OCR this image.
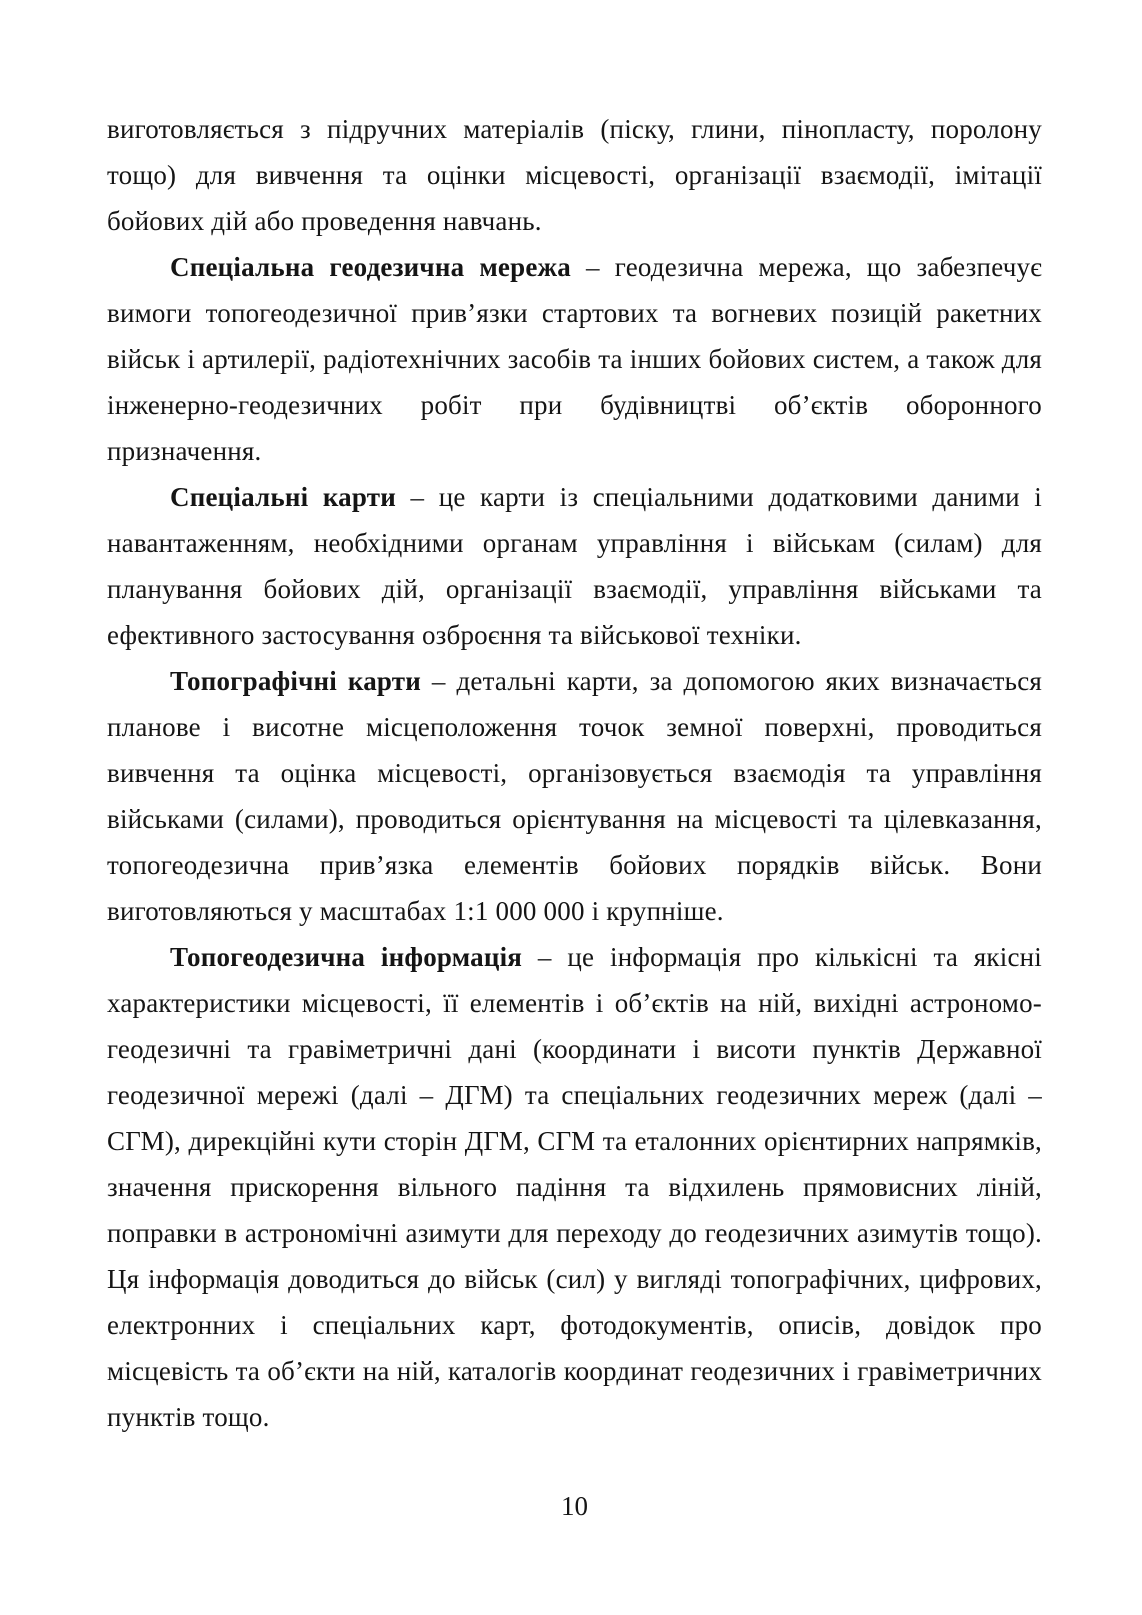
виготовляється з підручних матеріалів (піску, глини, пінопласту, поролону тощо) для вивчення та оцінки місцевості, організації взаємодії, імітації бойових дій або проведення навчань.

Спеціальна геодезична мережа – геодезична мережа, що забезпечує вимоги топогеодезичної прив’язки стартових та вогневих позицій ракетних військ і артилерії, радіотехнічних засобів та інших бойових систем, а також для інженерно-геодезичних робіт при будівництві об’єктів оборонного призначення.

Спеціальні карти – це карти із спеціальними додатковими даними і навантаженням, необхідними органам управління і військам (силам) для планування бойових дій, організації взаємодії, управління військами та ефективного застосування озброєння та військової техніки.

Топографічні карти – детальні карти, за допомогою яких визначається планове і висотне місцеположення точок земної поверхні, проводиться вивчення та оцінка місцевості, організовується взаємодія та управління військами (силами), проводиться орієнтування на місцевості та цілевказання, топогеодезична прив’язка елементів бойових порядків військ. Вони виготовляються у масштабах 1:1 000 000 і крупніше.

Топогеодезична інформація – це інформація про кількісні та якісні характеристики місцевості, її елементів і об’єктів на ній, вихідні астрономо-геодезичні та гравіметричні дані (координати і висоти пунктів Державної геодезичної мережі (далі – ДГМ) та спеціальних геодезичних мереж (далі – СГМ), дирекційні кути сторін ДГМ, СГМ та еталонних орієнтирних напрямків, значення прискорення вільного падіння та відхилень прямовисних ліній, поправки в астрономічні азимути для переходу до геодезичних азимутів тощо). Ця інформація доводиться до військ (сил) у вигляді топографічних, цифрових, електронних і спеціальних карт, фотодокументів, описів, довідок про місцевість та об’єкти на ній, каталогів координат геодезичних і гравіметричних пунктів тощо.

10
